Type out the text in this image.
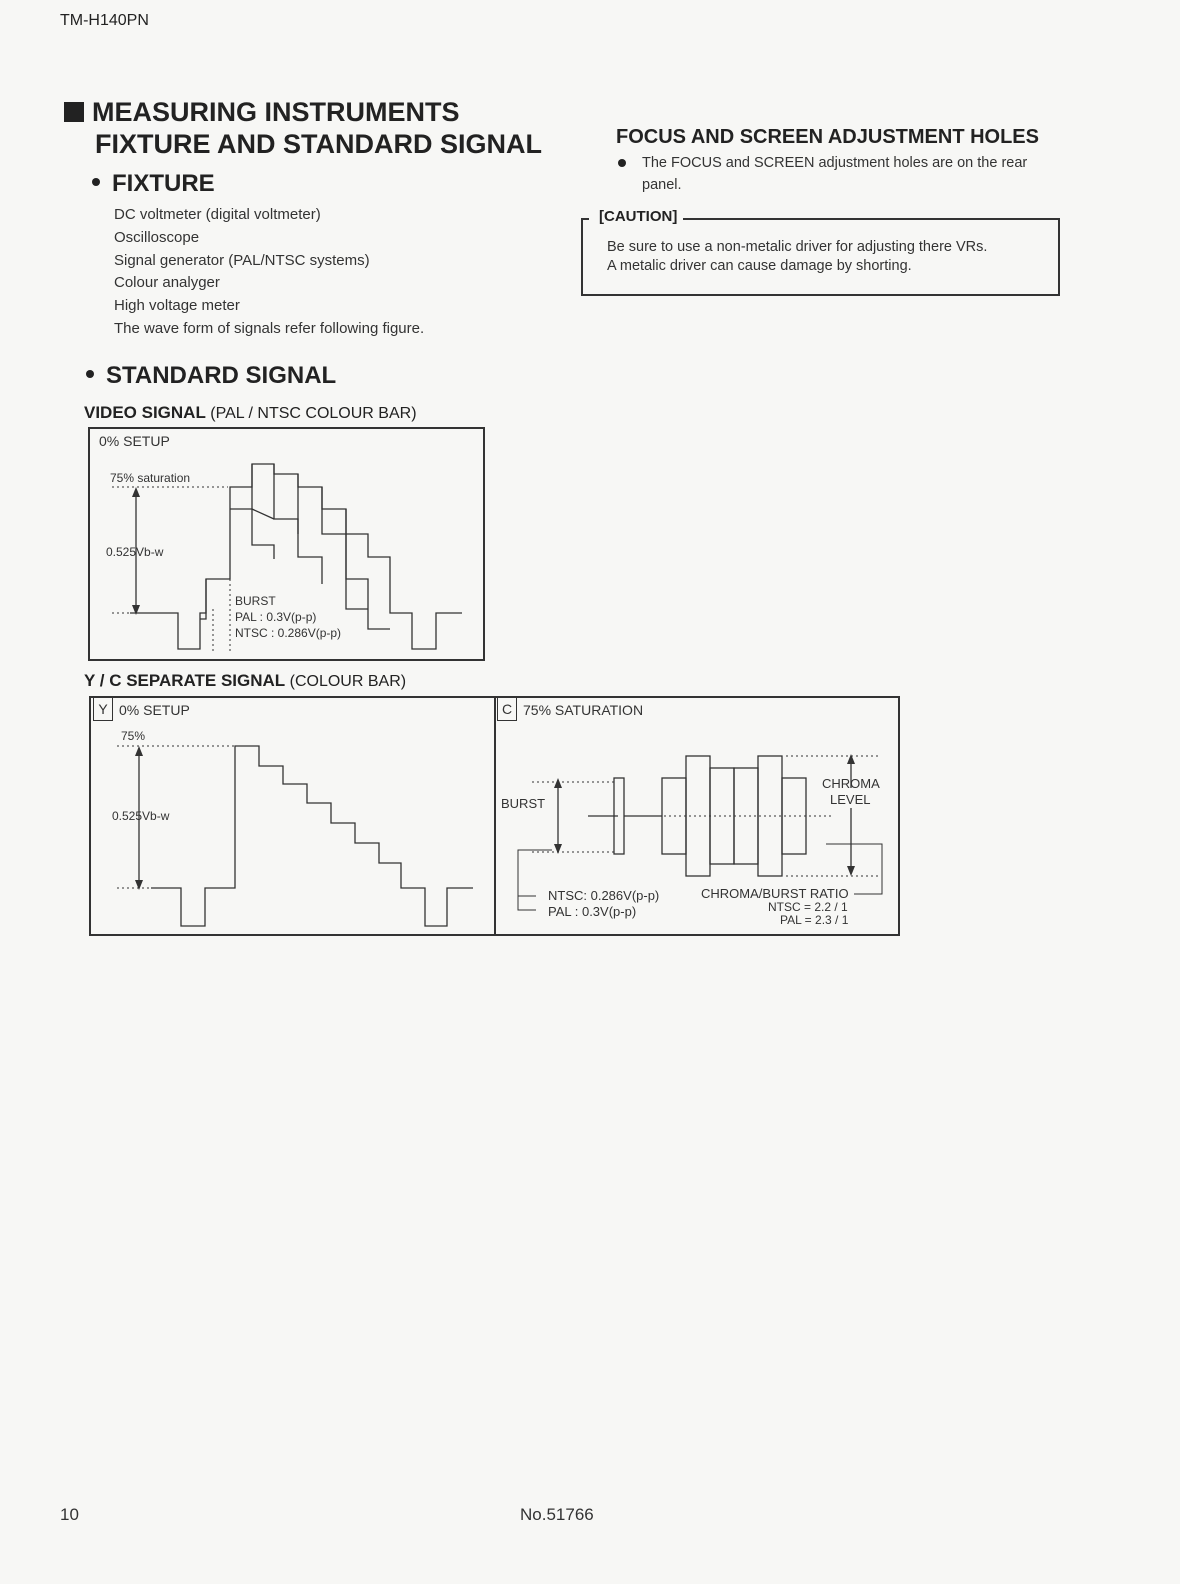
TM-H140PN
MEASURING INSTRUMENTS
FIXTURE AND STANDARD SIGNAL
FIXTURE
DC voltmeter (digital voltmeter)
Oscilloscope
Signal generator (PAL/NTSC systems)
Colour analyger
High voltage meter
The wave form of signals refer following figure.
STANDARD SIGNAL
VIDEO SIGNAL (PAL / NTSC COLOUR BAR)
0% SETUP
75% saturation
0.525Vb-w
BURST
PAL : 0.3V(p-p)
NTSC : 0.286V(p-p)
Y / C SEPARATE SIGNAL (COLOUR BAR)
Y 0% SETUP
75%
0.525Vb-w
C 75% SATURATION
BURST
CHROMA
LEVEL
NTSC: 0.286V(p-p)
PAL : 0.3V(p-p)
CHROMA/BURST RATIO
NTSC = 2.2 / 1
PAL = 2.3 / 1
FOCUS AND SCREEN ADJUSTMENT HOLES
The FOCUS and SCREEN adjustment holes are on the rear panel.
[CAUTION]
Be sure to use a non-metalic driver for adjusting there VRs.
A metalic driver can cause damage by shorting.
10	No.51766
